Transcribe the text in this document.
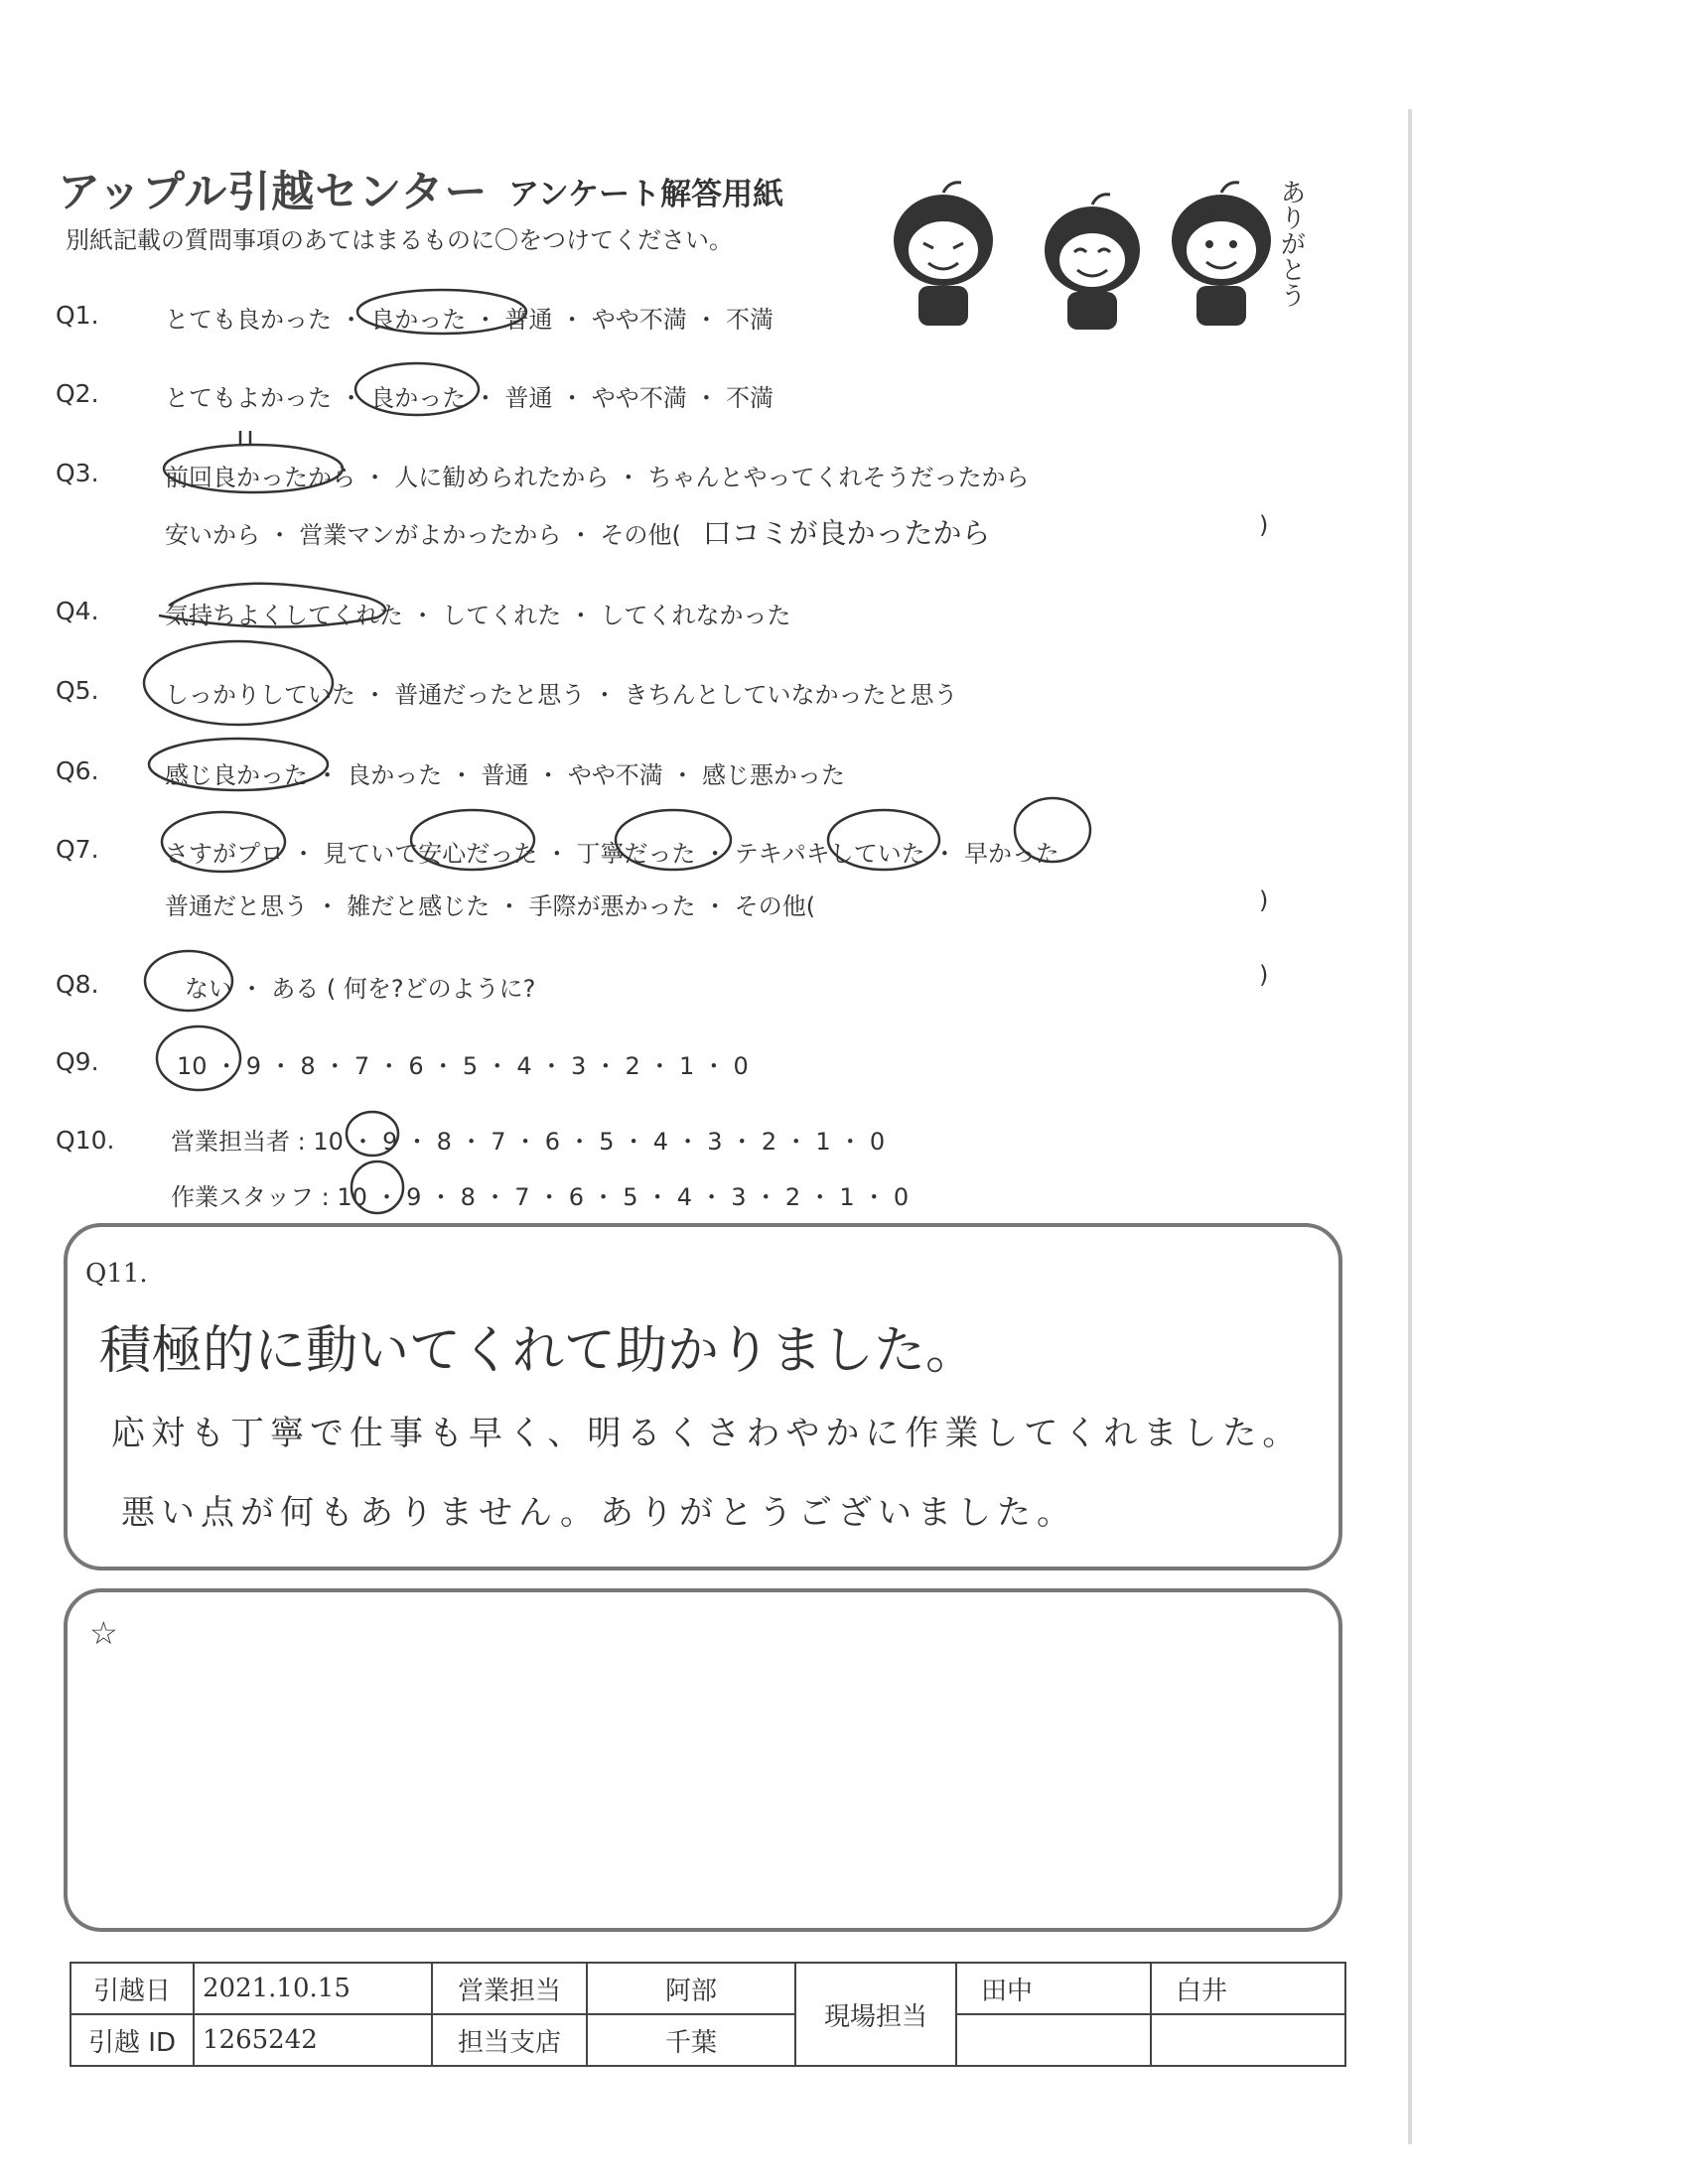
アップル引越センター アンケート解答用紙
別紙記載の質問事項のあてはまるものに〇をつけてください。	ありがとう
Q1.	とても良かった ・ 良かった ・ 普通 ・ やや不満 ・ 不満
Q2.	とてもよかった ・ 良かった ・ 普通 ・ やや不満 ・ 不満
Q3.	前回良かったから ・ 人に勧められたから ・ ちゃんとやってくれそうだったから
安いから ・ 営業マンがよかったから ・ その他( 口コミが良かったから	)
Q4.	気持ちよくしてくれた ・ してくれた ・ してくれなかった
Q5.	しっかりしていた ・ 普通だったと思う ・ きちんとしていなかったと思う
Q6.	感じ良かった ・ 良かった ・ 普通 ・ やや不満 ・ 感じ悪かった
Q7.	さすがプロ ・ 見ていて安心だった ・ 丁寧だった ・ テキパキしていた ・ 早かった
普通だと思う ・ 雑だと感じた ・ 手際が悪かった ・ その他(	)
Q8.	ない ・ ある ( 何を?どのように?	)
Q9.	10 ・ 9 ・ 8 ・ 7 ・ 6 ・ 5 ・ 4 ・ 3 ・ 2 ・ 1 ・ 0
Q10. 営業担当者 : 10 ・ 9 ・ 8 ・ 7 ・ 6 ・ 5 ・ 4 ・ 3 ・ 2 ・ 1 ・ 0
作業スタッフ : 10 ・ 9 ・ 8 ・ 7 ・ 6 ・ 5 ・ 4 ・ 3 ・ 2 ・ 1 ・ 0
Q11.
積極的に動いてくれて助かりました。
応対も丁寧で仕事も早く、明るくさわやかに作業してくれました。
悪い点が何もありません。ありがとうございました。
☆
引越日	2021.10.15	営業担当	阿部	現場担当	田中	白井
引越 ID	1265242	担当支店	千葉			
